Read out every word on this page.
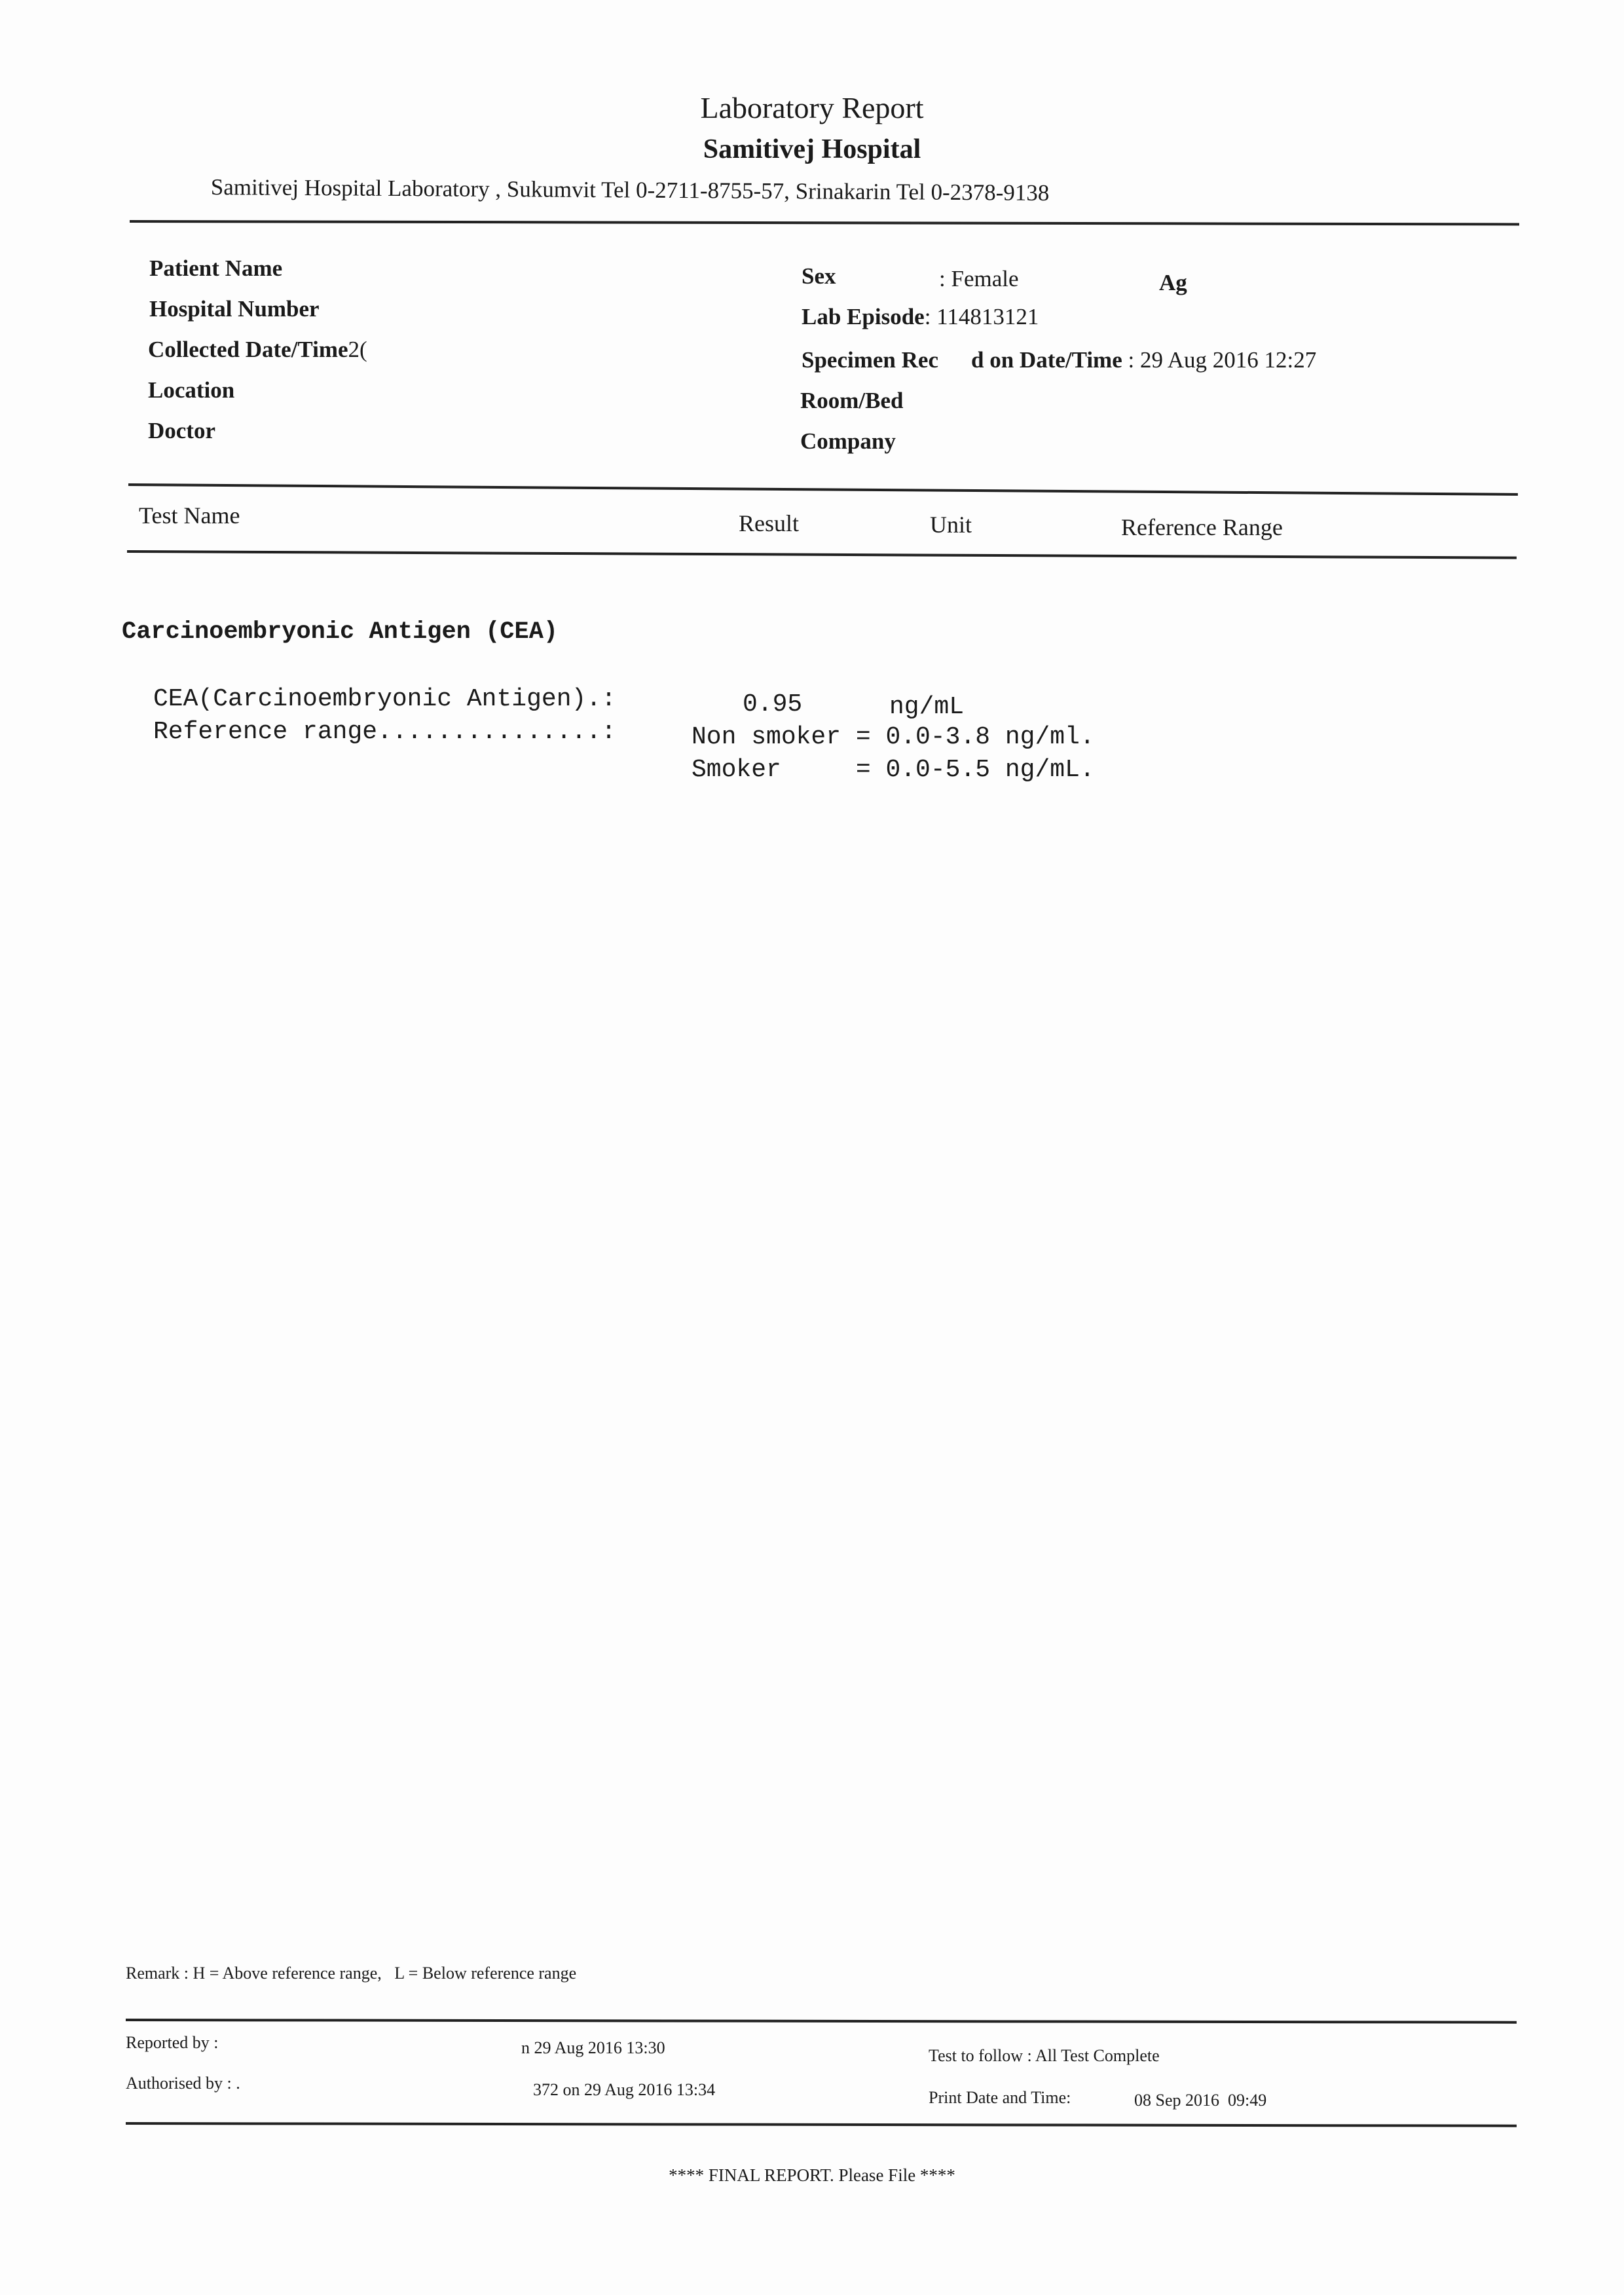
Laboratory Report
Samitivej Hospital
Samitivej Hospital Laboratory , Sukumvit Tel 0-2711-8755-57, Srinakarin Tel 0-2378-9138
Patient Name
Hospital Number
Collected Date/Time2(
Location
Doctor
Sex	: Female	Ag
Lab Episode: 114813121
Specimen Rec d on Date/Time : 29 Aug 2016 12:27
Room/Bed
Company
Test Name	Result	Unit	Reference Range
Carcinoembryonic Antigen (CEA)
CEA(Carcinoembryonic Antigen).:	0.95	ng/mL
Reference range...............:	Non smoker = 0.0-3.8 ng/ml.
Smoker     = 0.0-5.5 ng/mL.
Remark : H = Above reference range,   L = Below reference range
Reported by :	n 29 Aug 2016 13:30
Authorised by : .	372 on 29 Aug 2016 13:34
Test to follow : All Test Complete
Print Date and Time:	08 Sep 2016  09:49
**** FINAL REPORT. Please File ****
